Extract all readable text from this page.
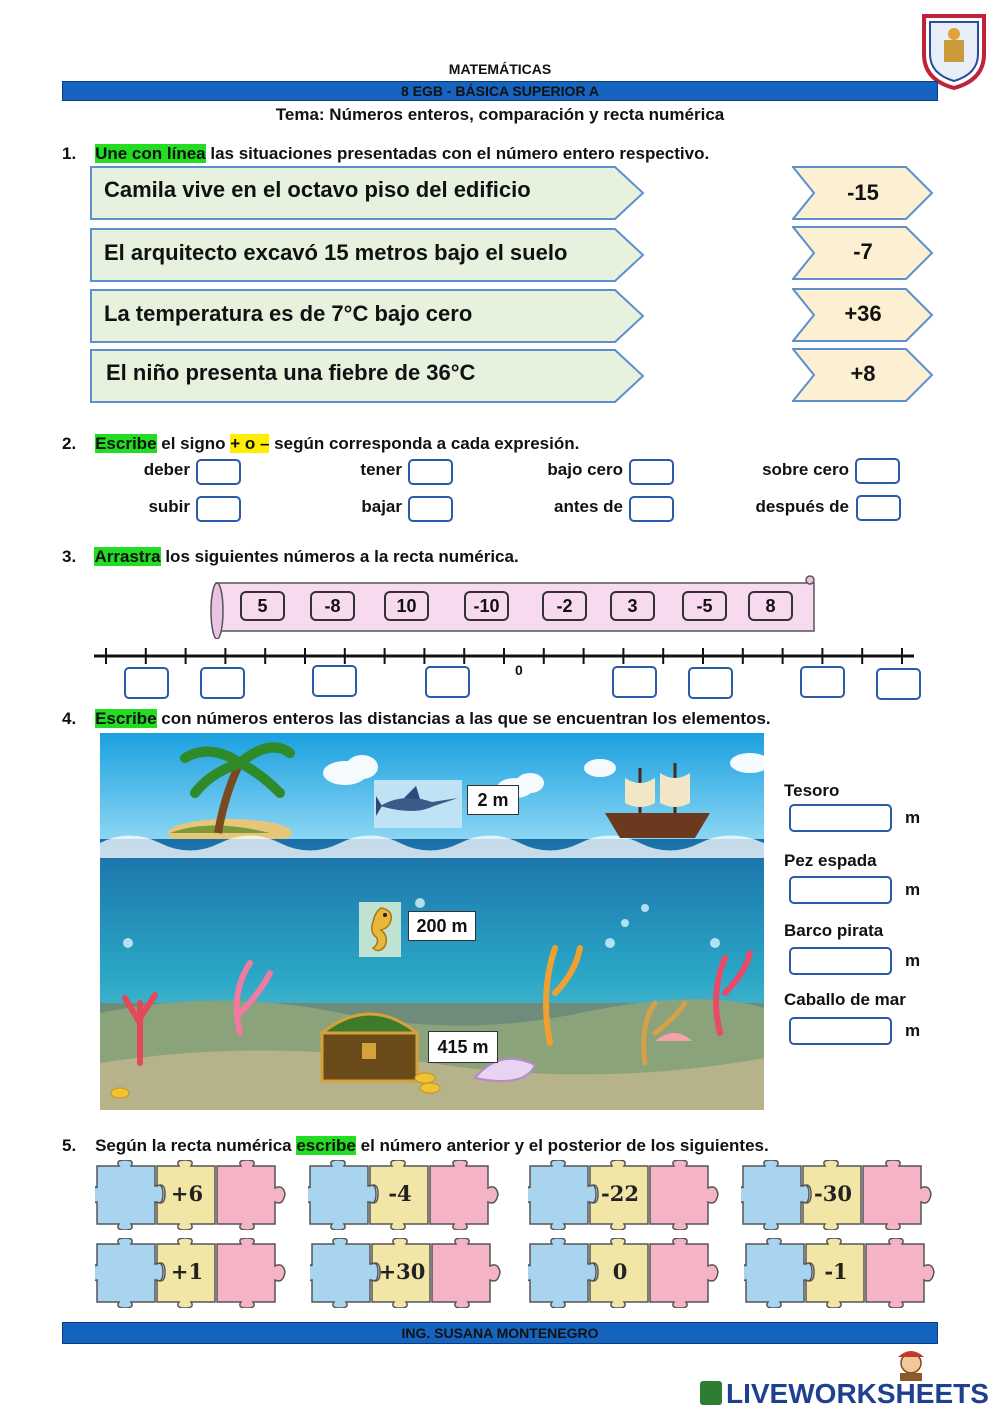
MATEMÁTICAS
8 EGB - BÁSICA SUPERIOR A
Tema: Números enteros, comparación y recta numérica
1. Une con línea las situaciones presentadas con el número entero respectivo.
Camila vive en el octavo piso del edificio
El arquitecto excavó 15 metros bajo el suelo
La temperatura es de 7°C bajo cero
El niño presenta una fiebre de 36°C
-15
-7
+36
+8
2. Escribe el signo + o – según corresponda a cada expresión.
deber	tener	bajo cero	sobre cero
subir	bajar	antes de	después de
3. Arrastra los siguientes números a la recta numérica.
5	-8	10	-10	-2	3	-5	8
0
4. Escribe con números enteros las distancias a las que se encuentran los elementos.
2 m
200 m
415 m
Tesoro
m
Pez espada
m
Barco pirata
m
Caballo de mar
m
5. Según la recta numérica escribe el número anterior y el posterior de los siguientes.
+6	-4	-22	-30
+1	+30	0	-1
ING. SUSANA MONTENEGRO
LIVEWORKSHEETS
